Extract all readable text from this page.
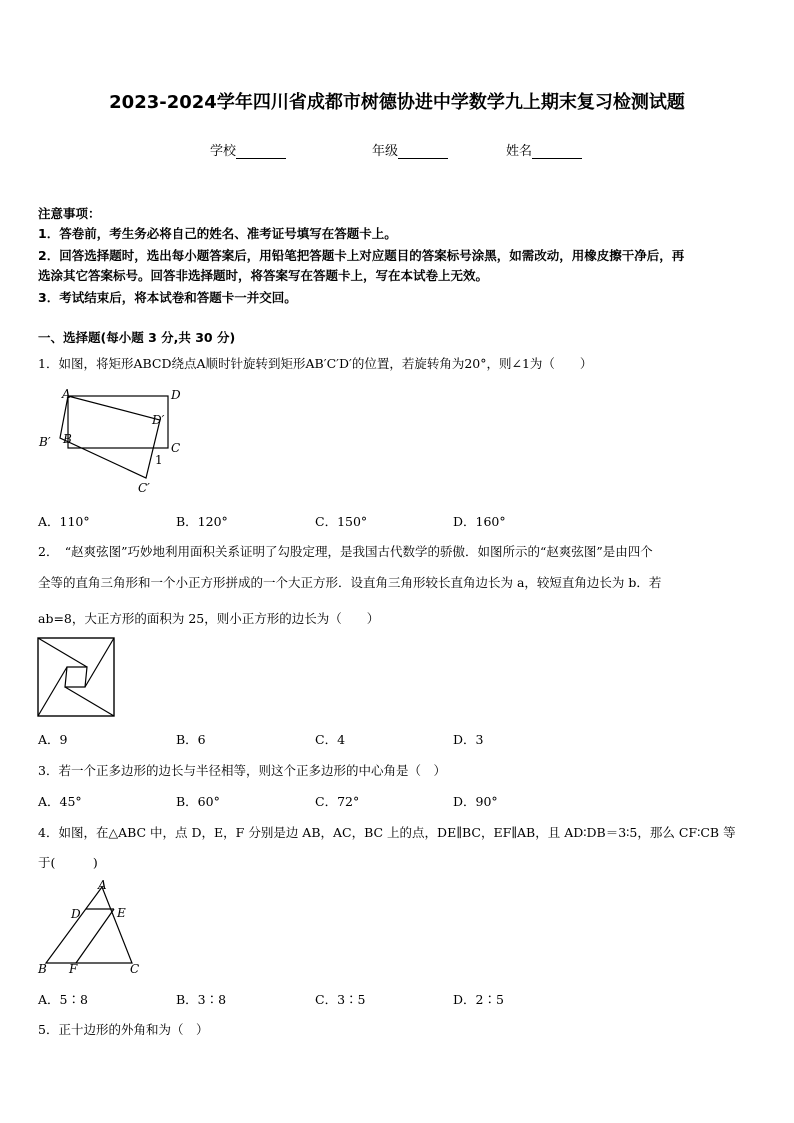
2023-2024学年四川省成都市树德协进中学数学九上期末复习检测试题
学校	年级	姓名
注意事项：
1．答卷前，考生务必将自己的姓名、准考证号填写在答题卡上。
2．回答选择题时，选出每小题答案后，用铅笔把答题卡上对应题目的答案标号涂黑，如需改动，用橡皮擦干净后，再
选涂其它答案标号。回答非选择题时，将答案写在答题卡上，写在本试卷上无效。
3．考试结束后，将本试卷和答题卡一并交回。
一、选择题(每小题 3 分,共 30 分)
1．如图，将矩形ABCD绕点A顺时针旋转到矩形AB′C′D′的位置，若旋转角为20°，则∠1为（　　）
A	D
D′
B′ B
C
1
C′
A．110°	B．120°	C．150°	D．160°
2．　“赵爽弦图”巧妙地利用面积关系证明了勾股定理，是我国古代数学的骄傲．如图所示的“赵爽弦图”是由四个
全等的直角三角形和一个小正方形拼成的一个大正方形．设直角三角形较长直角边长为 a，较短直角边长为 b．若
ab=8，大正方形的面积为 25，则小正方形的边长为（　　）
A．9	B．6	C．4	D．3
3．若一个正多边形的边长与半径相等，则这个正多边形的中心角是（　）
A．45°	B．60°	C．72°	D．90°
4．如图，在△ABC 中，点 D，E，F 分别是边 AB，AC，BC 上的点，DE∥BC，EF∥AB，且 AD∶DB＝3∶5，那么 CF∶CB 等
于(　　　)
A
D	E
B F	C
A．5∶8	B．3∶8	C．3∶5	D．2∶5
5．正十边形的外角和为（　）
